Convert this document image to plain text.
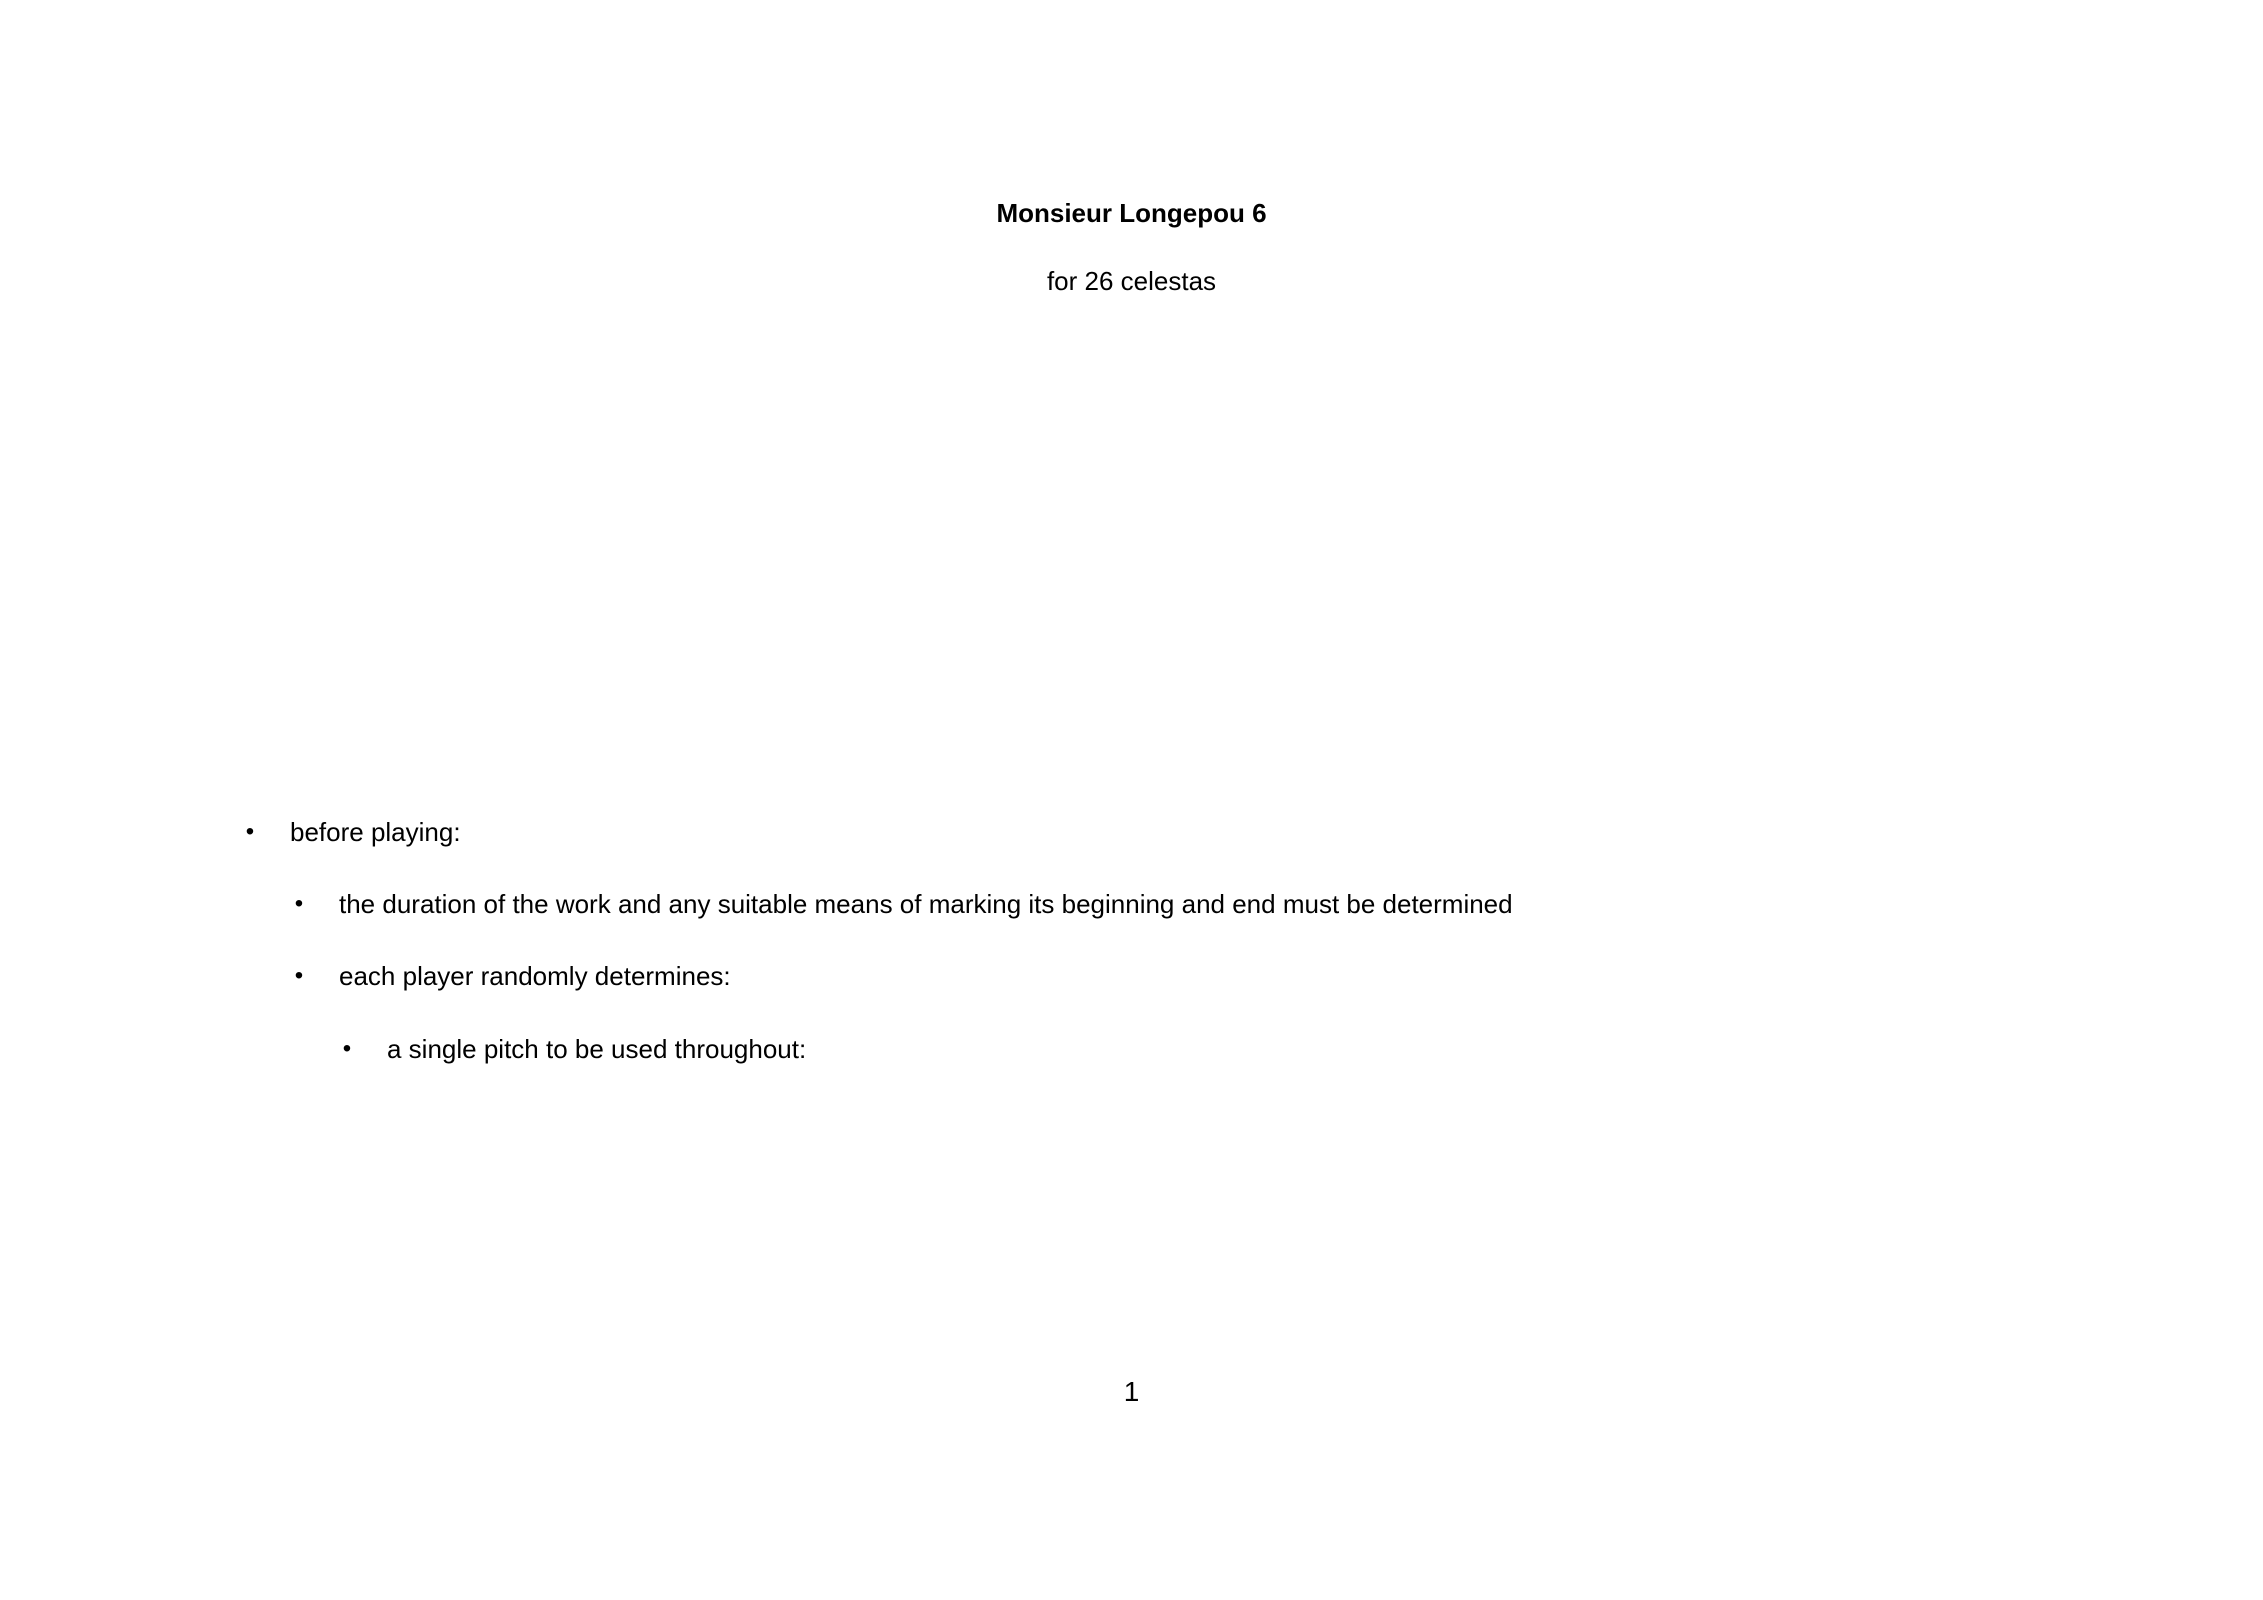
Monsieur Longepou 6
for 26 celestas
• before playing:
• the duration of the work and any suitable means of marking its beginning and end must be determined
• each player randomly determines:
• a single pitch to be used throughout:
1
